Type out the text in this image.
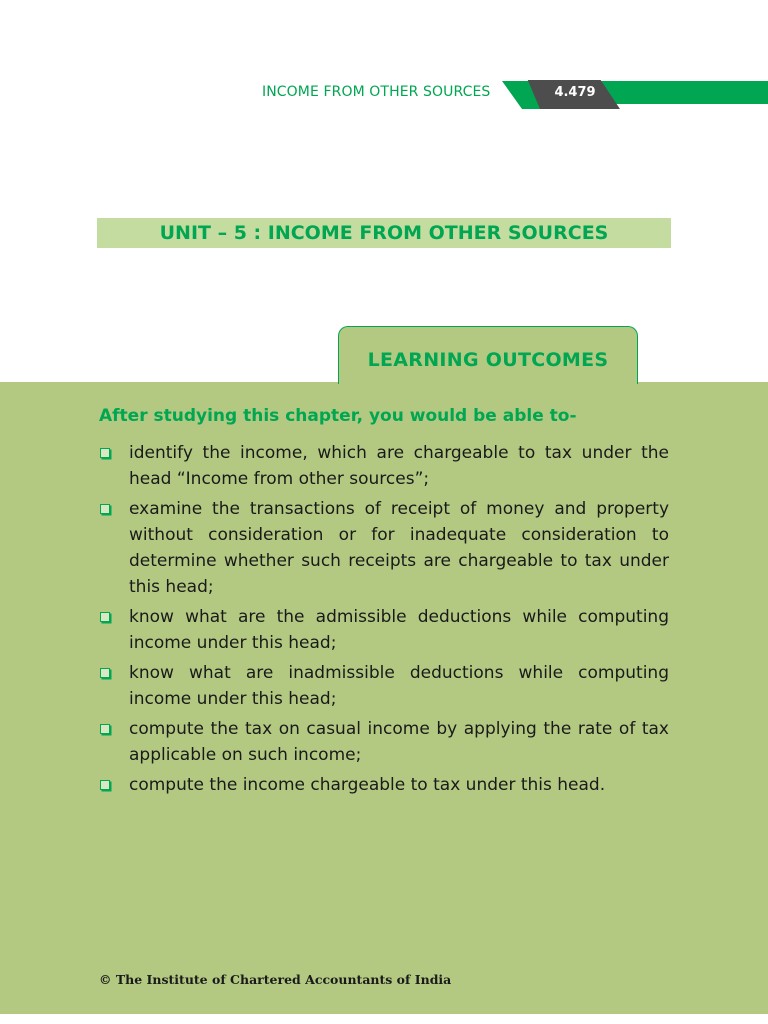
INCOME FROM OTHER SOURCES	4.479
UNIT – 5 : INCOME FROM OTHER SOURCES
LEARNING OUTCOMES
After studying this chapter, you would be able to-
identify the income, which are chargeable to tax under the head “Income from other sources”;
examine the transactions of receipt of money and property without consideration or for inadequate consideration to determine whether such receipts are chargeable to tax under this head;
know what are the admissible deductions while computing income under this head;
know what are inadmissible deductions while computing income under this head;
compute the tax on casual income by applying the rate of tax applicable on such income;
compute the income chargeable to tax under this head.
© The Institute of Chartered Accountants of India
